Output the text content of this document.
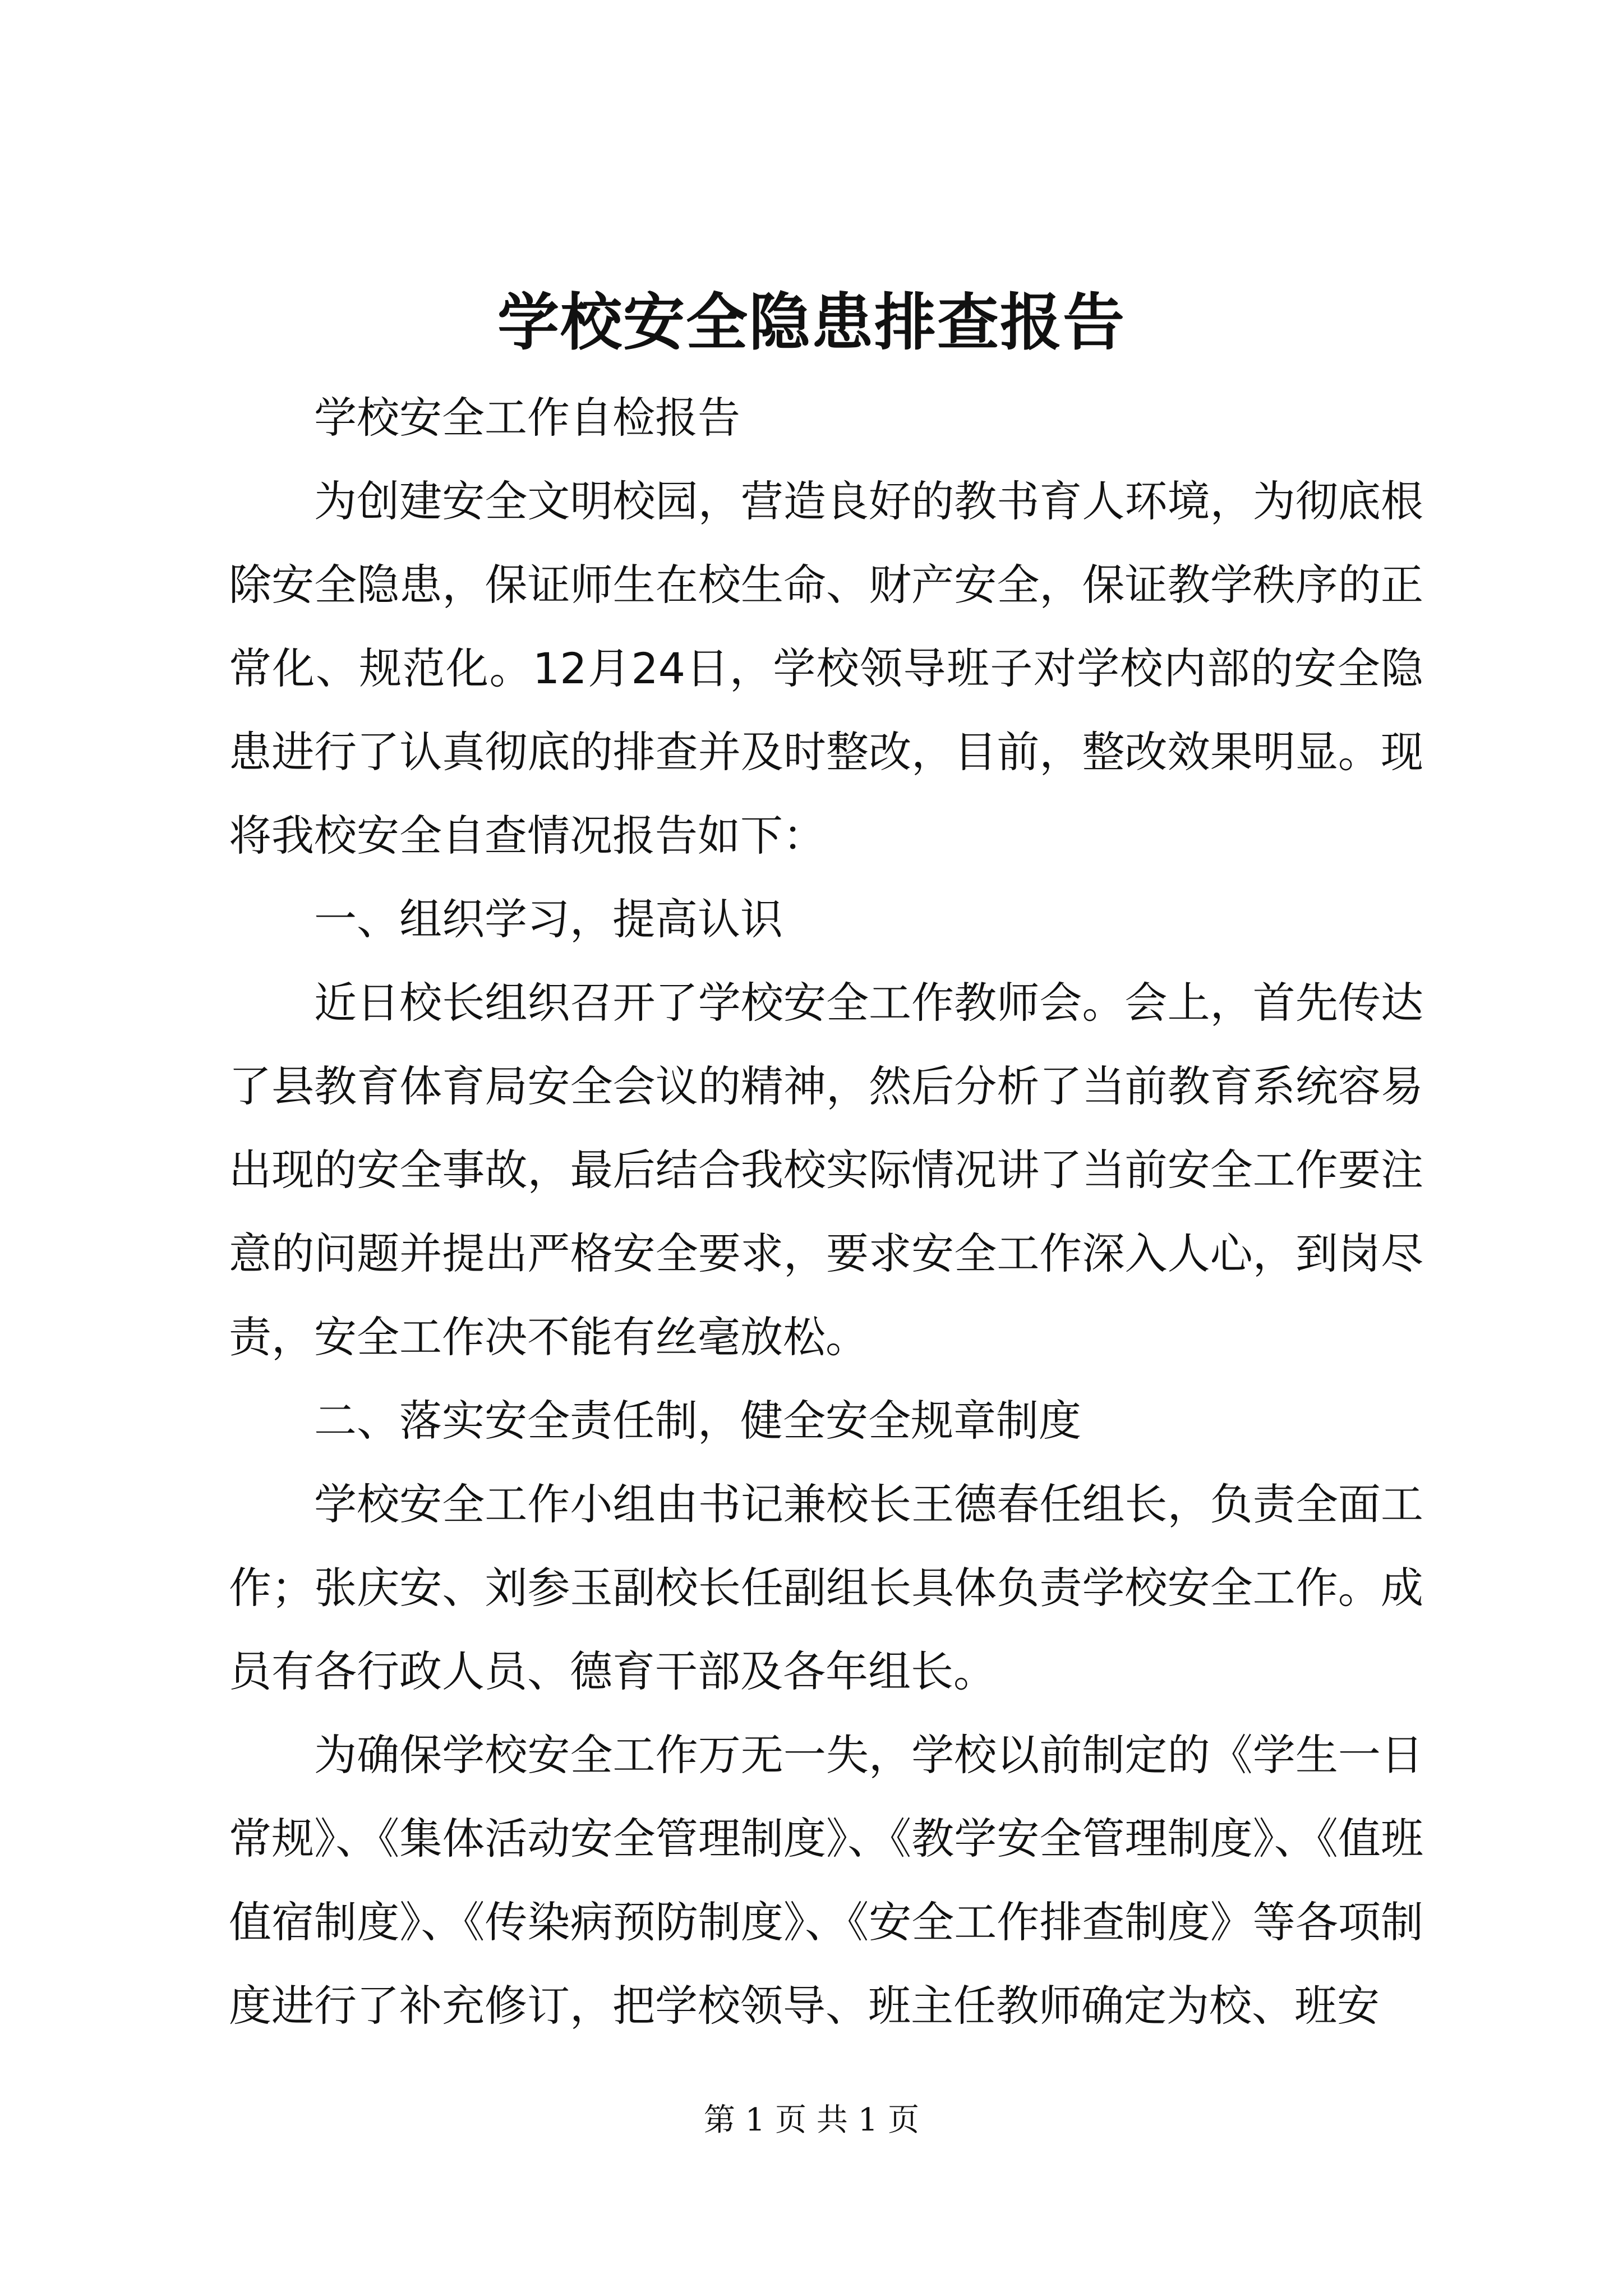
学校安全隐患排查报告

学校安全工作自检报告

为创建安全文明校园，营造良好的教书育人环境，为彻底根除安全隐患，保证师生在校生命、财产安全，保证教学秩序的正常化、规范化。12月24日，学校领导班子对学校内部的安全隐患进行了认真彻底的排查并及时整改，目前，整改效果明显。现将我校安全自查情况报告如下：

一、组织学习，提高认识

近日校长组织召开了学校安全工作教师会。会上，首先传达了县教育体育局安全会议的精神，然后分析了当前教育系统容易出现的安全事故，最后结合我校实际情况讲了当前安全工作要注意的问题并提出严格安全要求，要求安全工作深入人心，到岗尽责，安全工作决不能有丝毫放松。

二、落实安全责任制，健全安全规章制度

学校安全工作小组由书记兼校长王德春任组长，负责全面工作；张庆安、刘参玉副校长任副组长具体负责学校安全工作。成员有各行政人员、德育干部及各年组长。

为确保学校安全工作万无一失，学校以前制定的《学生一日常规》、《集体活动安全管理制度》、《教学安全管理制度》、《值班值宿制度》、《传染病预防制度》、《安全工作排查制度》等各项制度进行了补充修订，把学校领导、班主任教师确定为校、班安

第 1 页 共 1 页
